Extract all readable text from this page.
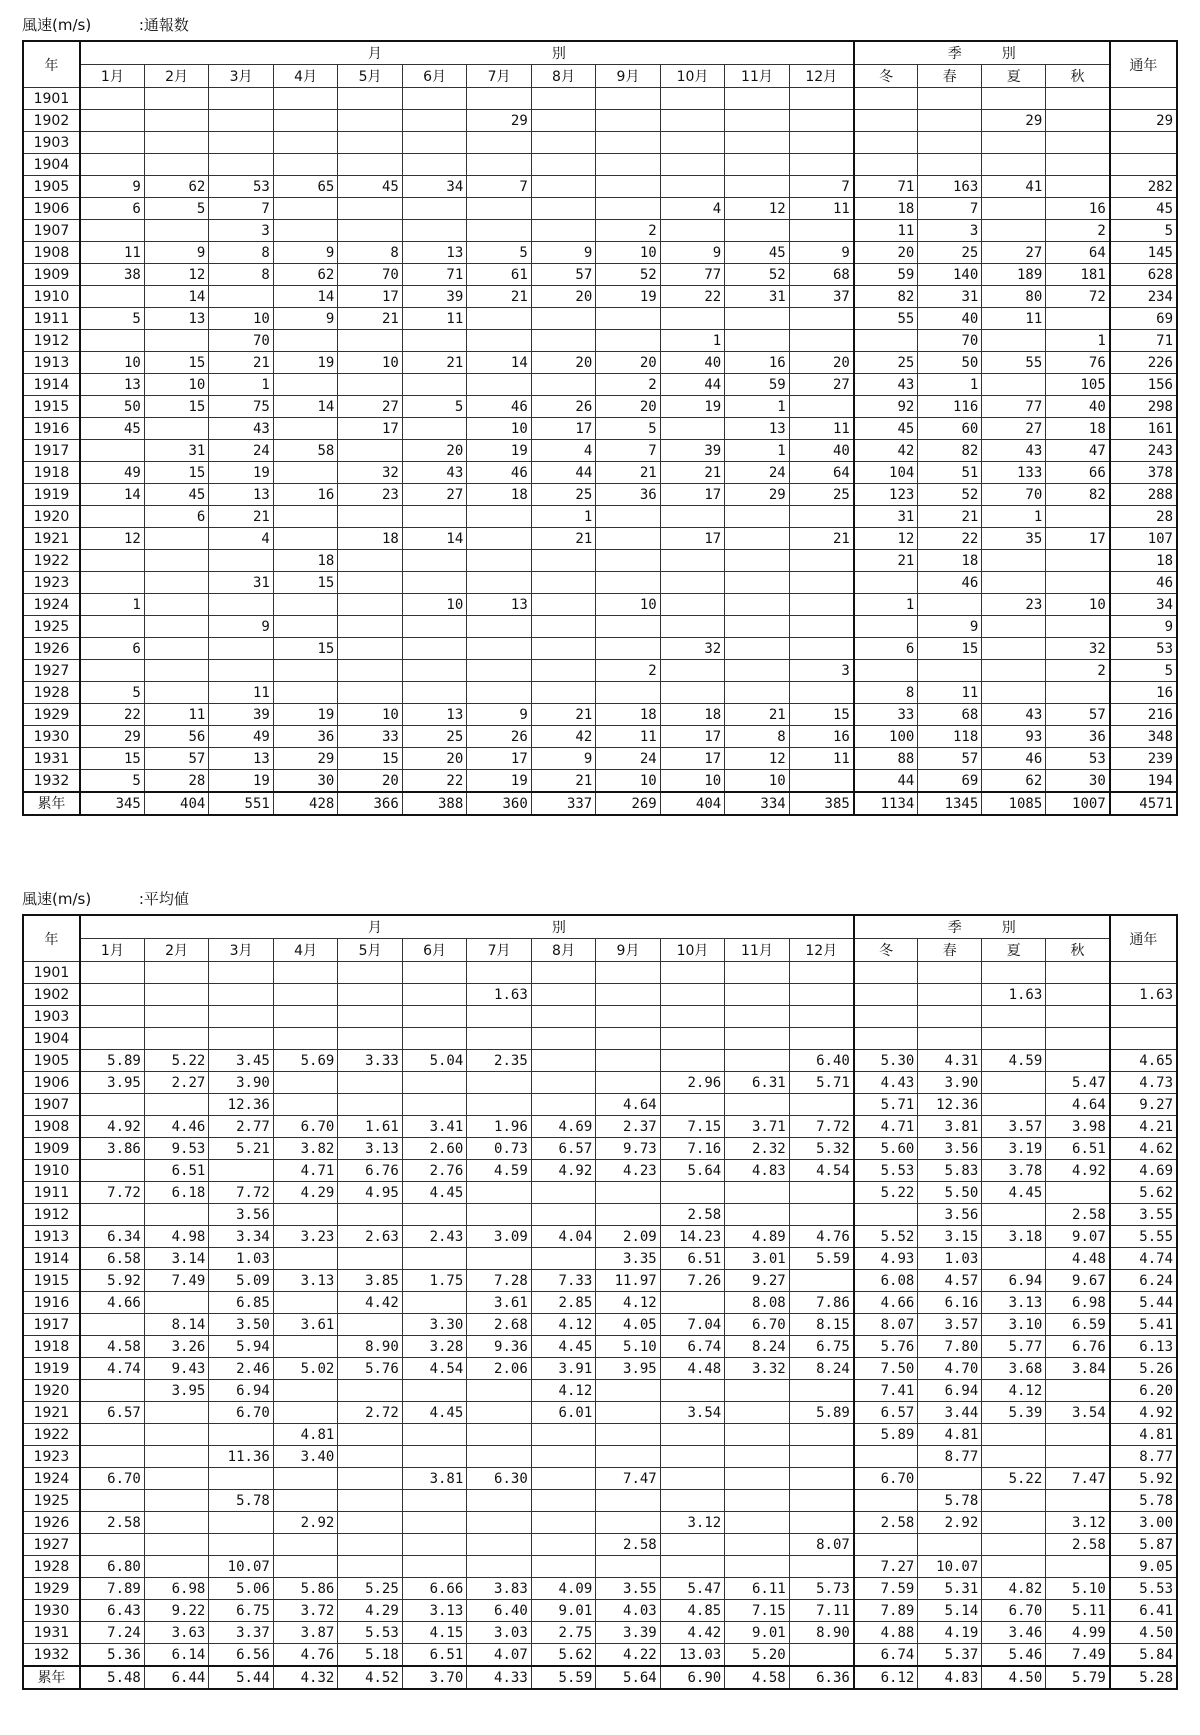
風速(m/s)          :通報数
年	月 別												季 別				通年
	1月	2月	3月	4月	5月	6月	7月	8月	9月	10月	11月	12月	冬	春	夏	秋	
1901																	
1902							29								29		29
1903																	
1904																	
1905	9	62	53	65	45	34	7					7	71	163	41		282
1906	6	5	7							4	12	11	18	7		16	45
1907			3						2				11	3		2	5
1908	11	9	8	9	8	13	5	9	10	9	45	9	20	25	27	64	145
1909	38	12	8	62	70	71	61	57	52	77	52	68	59	140	189	181	628
1910		14		14	17	39	21	20	19	22	31	37	82	31	80	72	234
1911	5	13	10	9	21	11							55	40	11		69
1912			70							1				70		1	71
1913	10	15	21	19	10	21	14	20	20	40	16	20	25	50	55	76	226
1914	13	10	1						2	44	59	27	43	1		105	156
1915	50	15	75	14	27	5	46	26	20	19	1		92	116	77	40	298
1916	45		43		17		10	17	5		13	11	45	60	27	18	161
1917		31	24	58		20	19	4	7	39	1	40	42	82	43	47	243
1918	49	15	19		32	43	46	44	21	21	24	64	104	51	133	66	378
1919	14	45	13	16	23	27	18	25	36	17	29	25	123	52	70	82	288
1920		6	21					1					31	21	1		28
1921	12		4		18	14		21		17		21	12	22	35	17	107
1922				18									21	18			18
1923			31	15										46			46
1924	1					10	13		10				1		23	10	34
1925			9											9			9
1926	6			15						32			6	15		32	53
1927									2			3				2	5
1928	5		11										8	11			16
1929	22	11	39	19	10	13	9	21	18	18	21	15	33	68	43	57	216
1930	29	56	49	36	33	25	26	42	11	17	8	16	100	118	93	36	348
1931	15	57	13	29	15	20	17	9	24	17	12	11	88	57	46	53	239
1932	5	28	19	30	20	22	19	21	10	10	10		44	69	62	30	194
累年	345	404	551	428	366	388	360	337	269	404	334	385	1134	1345	1085	1007	4571
風速(m/s)          :平均値
年	月 別												季 別				通年
	1月	2月	3月	4月	5月	6月	7月	8月	9月	10月	11月	12月	冬	春	夏	秋	
1901																	
1902							1.63								1.63		1.63
1903																	
1904																	
1905	5.89	5.22	3.45	5.69	3.33	5.04	2.35					6.40	5.30	4.31	4.59		4.65
1906	3.95	2.27	3.90							2.96	6.31	5.71	4.43	3.90		5.47	4.73
1907			12.36						4.64				5.71	12.36		4.64	9.27
1908	4.92	4.46	2.77	6.70	1.61	3.41	1.96	4.69	2.37	7.15	3.71	7.72	4.71	3.81	3.57	3.98	4.21
1909	3.86	9.53	5.21	3.82	3.13	2.60	0.73	6.57	9.73	7.16	2.32	5.32	5.60	3.56	3.19	6.51	4.62
1910		6.51		4.71	6.76	2.76	4.59	4.92	4.23	5.64	4.83	4.54	5.53	5.83	3.78	4.92	4.69
1911	7.72	6.18	7.72	4.29	4.95	4.45							5.22	5.50	4.45		5.62
1912			3.56							2.58				3.56		2.58	3.55
1913	6.34	4.98	3.34	3.23	2.63	2.43	3.09	4.04	2.09	14.23	4.89	4.76	5.52	3.15	3.18	9.07	5.55
1914	6.58	3.14	1.03						3.35	6.51	3.01	5.59	4.93	1.03		4.48	4.74
1915	5.92	7.49	5.09	3.13	3.85	1.75	7.28	7.33	11.97	7.26	9.27		6.08	4.57	6.94	9.67	6.24
1916	4.66		6.85		4.42		3.61	2.85	4.12		8.08	7.86	4.66	6.16	3.13	6.98	5.44
1917		8.14	3.50	3.61		3.30	2.68	4.12	4.05	7.04	6.70	8.15	8.07	3.57	3.10	6.59	5.41
1918	4.58	3.26	5.94		8.90	3.28	9.36	4.45	5.10	6.74	8.24	6.75	5.76	7.80	5.77	6.76	6.13
1919	4.74	9.43	2.46	5.02	5.76	4.54	2.06	3.91	3.95	4.48	3.32	8.24	7.50	4.70	3.68	3.84	5.26
1920		3.95	6.94					4.12					7.41	6.94	4.12		6.20
1921	6.57		6.70		2.72	4.45		6.01		3.54		5.89	6.57	3.44	5.39	3.54	4.92
1922				4.81									5.89	4.81			4.81
1923			11.36	3.40										8.77			8.77
1924	6.70					3.81	6.30		7.47				6.70		5.22	7.47	5.92
1925			5.78											5.78			5.78
1926	2.58			2.92						3.12			2.58	2.92		3.12	3.00
1927									2.58			8.07				2.58	5.87
1928	6.80		10.07										7.27	10.07			9.05
1929	7.89	6.98	5.06	5.86	5.25	6.66	3.83	4.09	3.55	5.47	6.11	5.73	7.59	5.31	4.82	5.10	5.53
1930	6.43	9.22	6.75	3.72	4.29	3.13	6.40	9.01	4.03	4.85	7.15	7.11	7.89	5.14	6.70	5.11	6.41
1931	7.24	3.63	3.37	3.87	5.53	4.15	3.03	2.75	3.39	4.42	9.01	8.90	4.88	4.19	3.46	4.99	4.50
1932	5.36	6.14	6.56	4.76	5.18	6.51	4.07	5.62	4.22	13.03	5.20		6.74	5.37	5.46	7.49	5.84
累年	5.48	6.44	5.44	4.32	4.52	3.70	4.33	5.59	5.64	6.90	4.58	6.36	6.12	4.83	4.50	5.79	5.28
